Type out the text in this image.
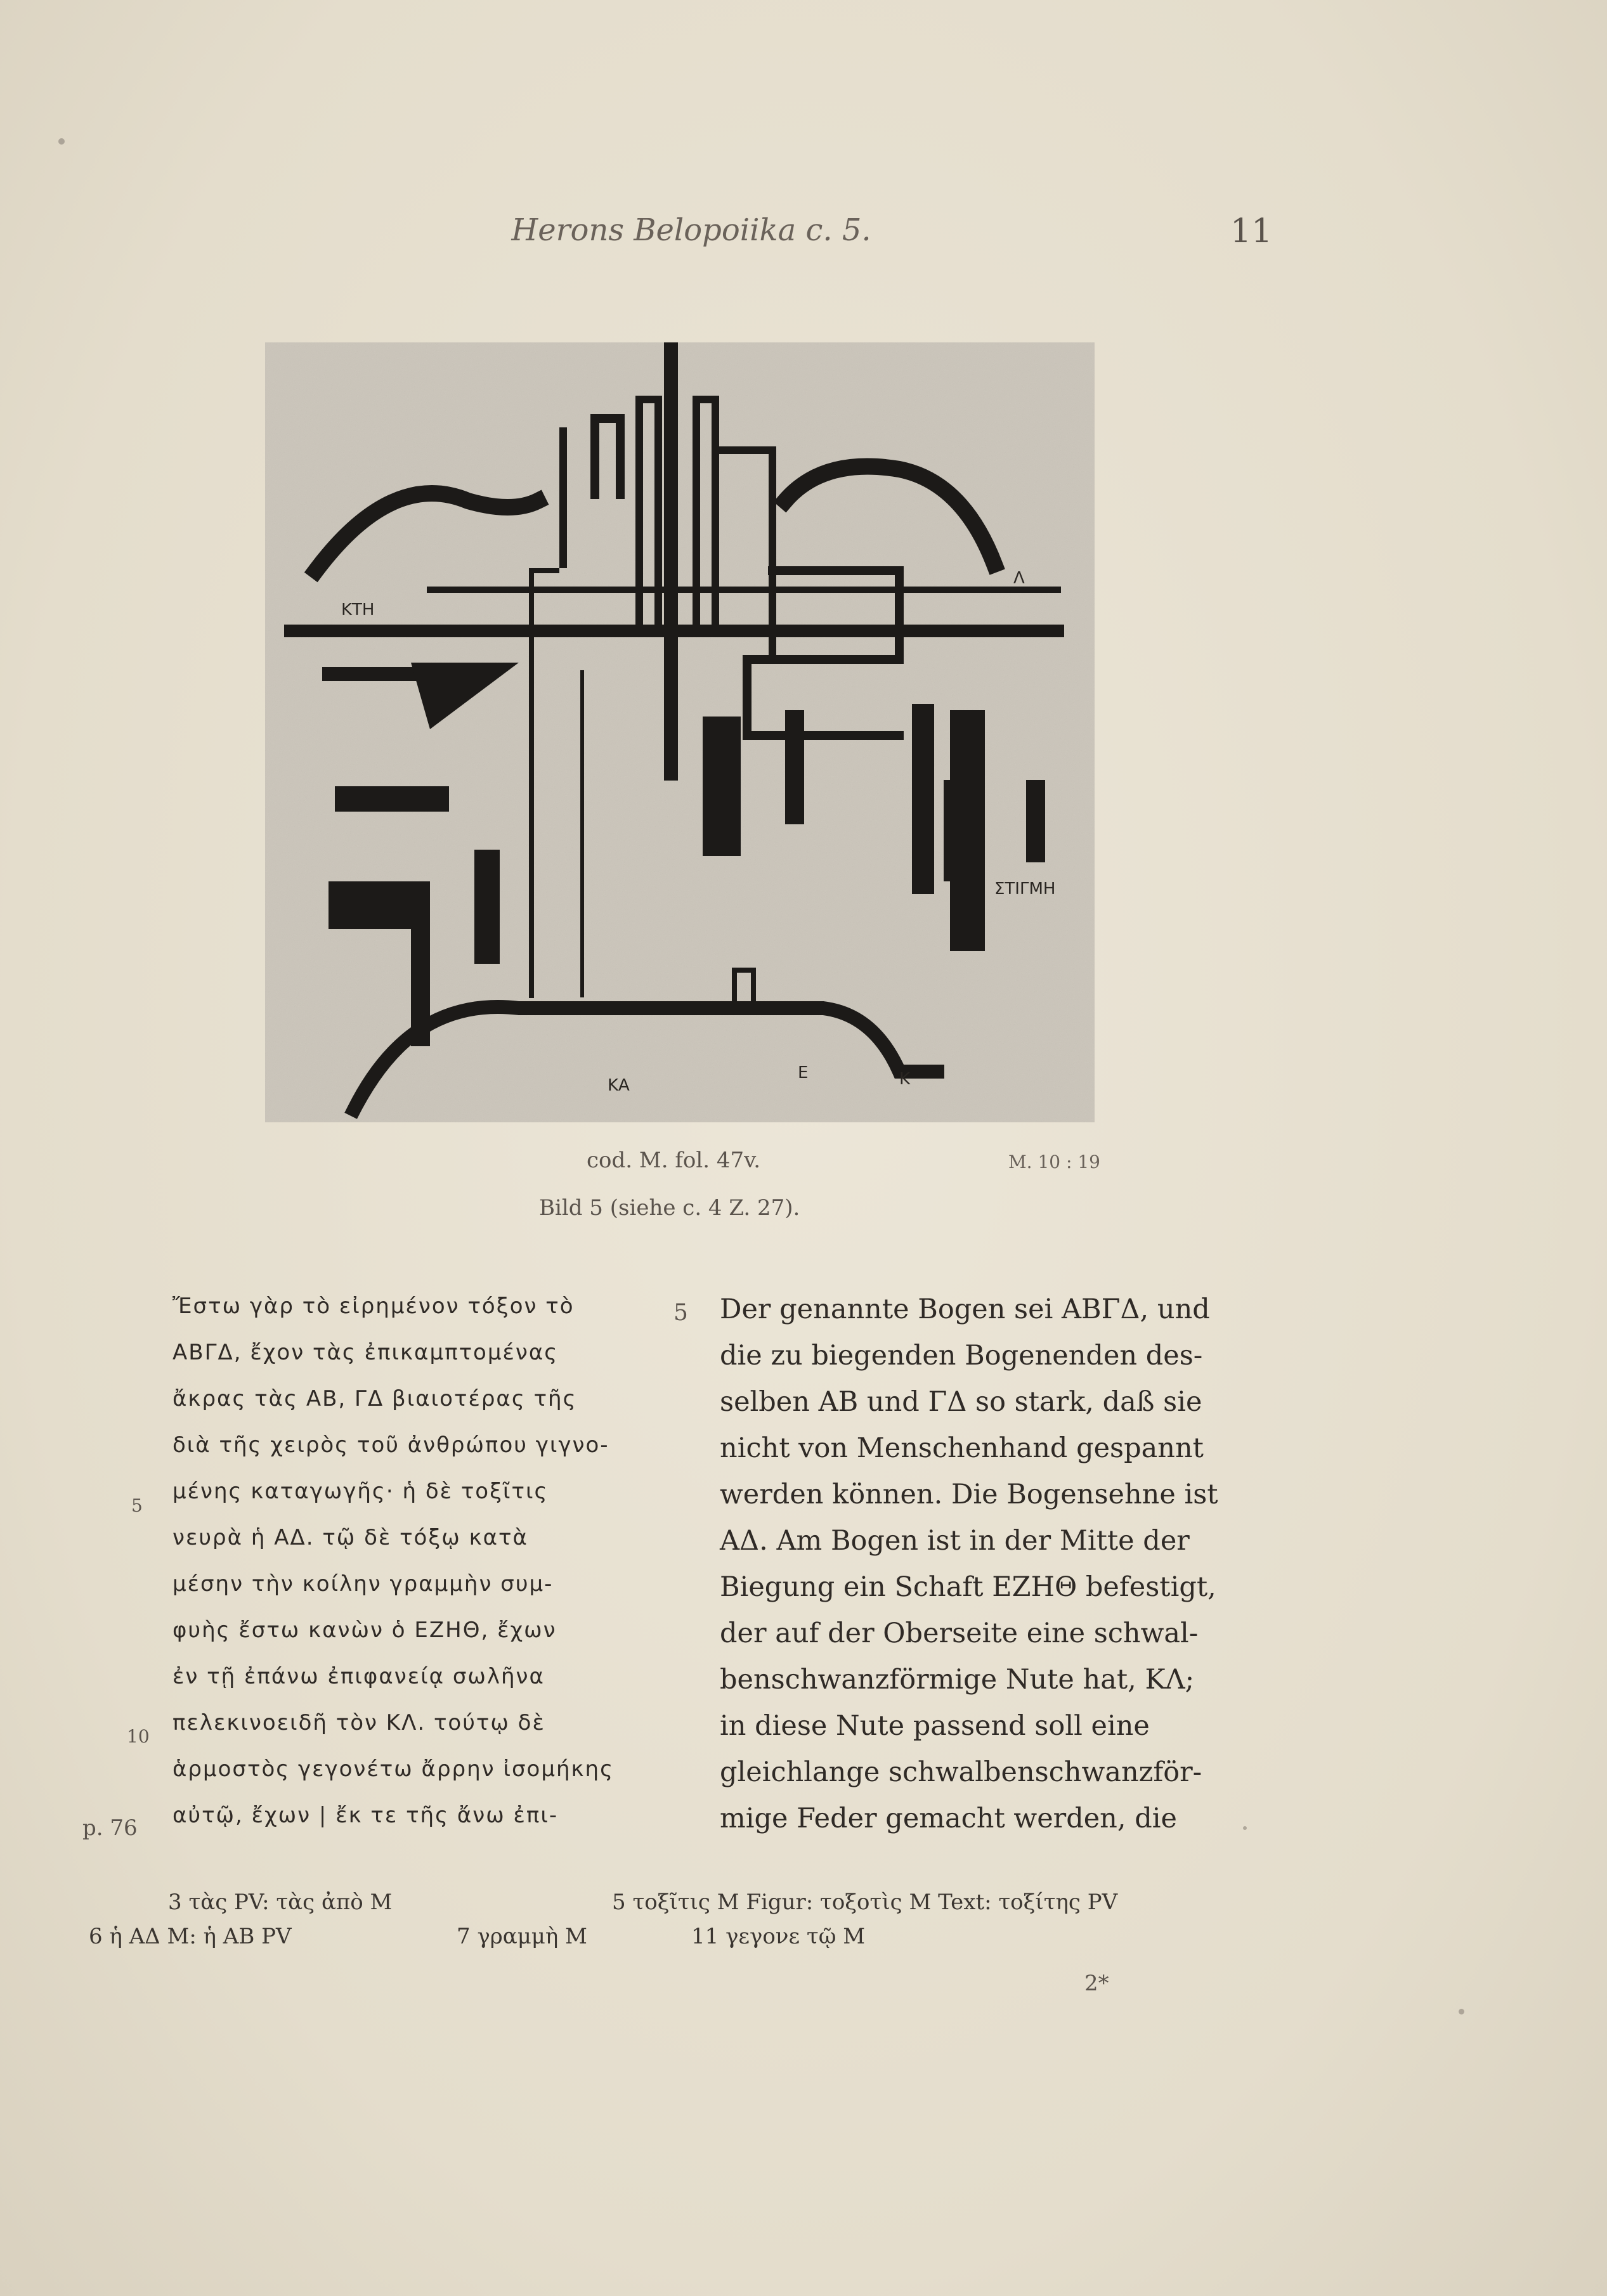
Herons Belopoiika c. 5.	11
ΚΤΗ
ΣΤΙΓΜΗ
Λ
Κ
Ε
ΚΑ
cod. M. fol. 47v.	M. 10 : 19
Bild 5 (siehe c. 4 Z. 27).
Ἔστω γὰρ τὸ εἰρημένον τόξον τὸ
ΑΒΓΔ, ἔχον τὰς ἐπικαμπτομένας
ἄκρας τὰς ΑΒ, ΓΔ βιαιοτέρας τῆς
διὰ τῆς χειρὸς τοῦ ἀνθρώπου γιγνο-
μένης καταγωγῆς· ἡ δὲ τοξῖτις
νευρὰ ἡ ΑΔ. τῷ δὲ τόξῳ κατὰ
μέσην τὴν κοίλην γραμμὴν συμ-
φυὴς ἔστω κανὼν ὁ ΕΖΗΘ, ἔχων
ἐν τῇ ἐπάνω ἐπιφανείᾳ σωλῆνα
πελεκινοειδῆ τὸν ΚΛ. τούτῳ δὲ
ἁρμοστὸς γεγονέτω ἄρρην ἰσομήκης
αὐτῷ, ἔχων | ἔκ τε τῆς ἄνω ἐπι-
5
10
p. 76
5 Der genannte Bogen sei ΑΒΓΔ, und
die zu biegenden Bogenenden des-
selben ΑΒ und ΓΔ so stark, daß sie
nicht von Menschenhand gespannt
werden können. Die Bogensehne ist
ΑΔ. Am Bogen ist in der Mitte der
Biegung ein Schaft ΕΖΗΘ befestigt,
der auf der Oberseite eine schwal-
benschwanzförmige Nute hat, ΚΛ;
in diese Nute passend soll eine
gleichlange schwalbenschwanzför-
mige Feder gemacht werden, die
3 τὰς PV: τὰς ἀπὸ M	5 τοξῖτις M Figur: τοξοτὶς M Text: τοξίτης PV
6 ἡ ΑΔ M: ἡ ΑΒ PV	7 γραμμὴ M	11 γεγονε τῷ M
2*
